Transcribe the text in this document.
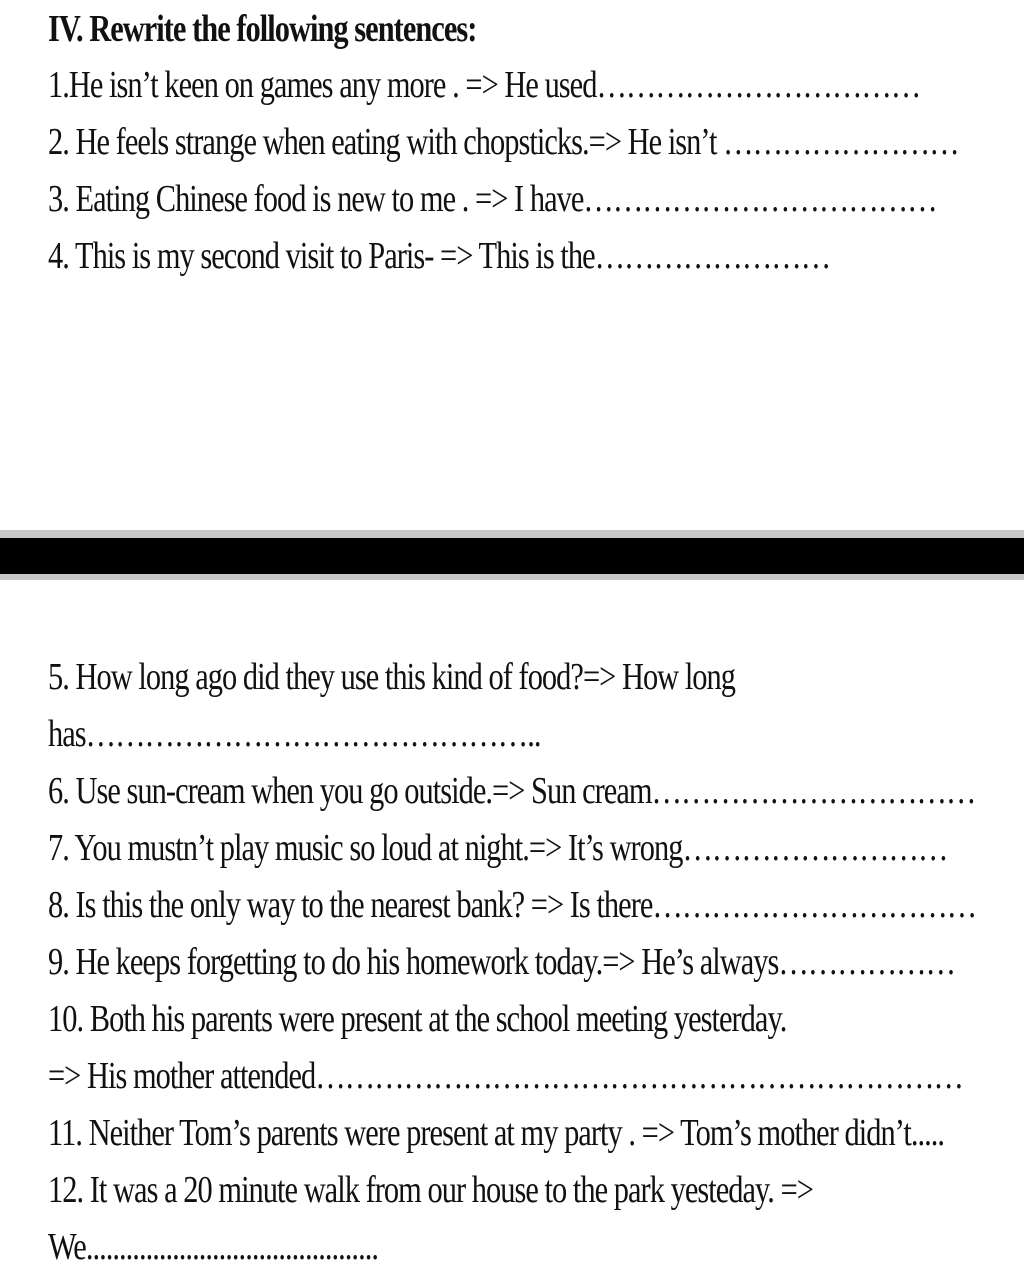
IV. Rewrite the following sentences:
1.He isn’t keen on games any more . => He used……………………………
2. He feels strange when eating with chopsticks.=> He isn’t ……………………
3. Eating Chinese food is new to me . => I have………………………………
4. This is my second visit to Paris- => This is the……………………
5. How long ago did they use this kind of food?=> How long
has………………………………………..
6. Use sun-cream when you go outside.=> Sun cream……………………………
7. You mustn’t play music so loud at night.=> It’s wrong………………………
8. Is this the only way to the nearest bank? => Is there……………………………
9. He keeps forgetting to do his homework today.=> He’s always………………
10. Both his parents were present at the school meeting yesterday.
=> His mother attended…………………………………………………………
11. Neither Tom’s parents were present at my party . => Tom’s mother didn’t.....
12. It was a 20 minute walk from our house to the park yesteday. =>
We............................................
